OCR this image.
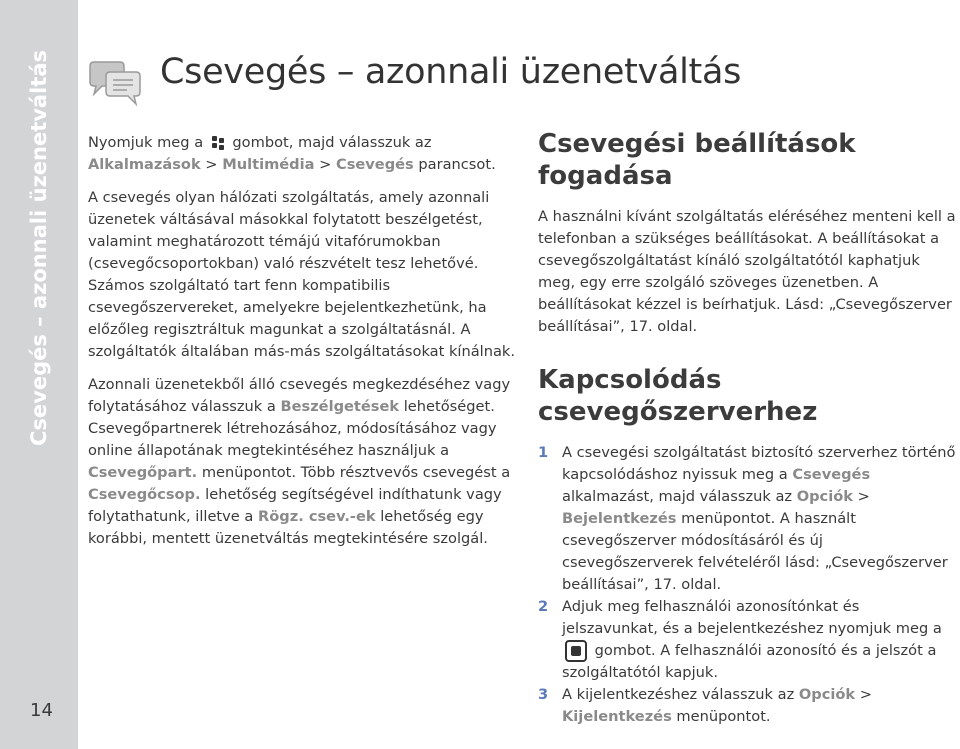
Csevegés – azonnali üzenetváltás
14
Csevegés – azonnali üzenetváltás

Nyomjuk meg a  gombot, majd válasszuk az Alkalmazások > Multimédia > Csevegés parancsot.

A csevegés olyan hálózati szolgáltatás, amely azonnali üzenetek váltásával másokkal folytatott beszélgetést, valamint meghatározott témájú vitafórumokban (csevegőcsoportokban) való részvételt tesz lehetővé. Számos szolgáltató tart fenn kompatibilis csevegőszervereket, amelyekre bejelentkezhetünk, ha előzőleg regisztráltuk magunkat a szolgáltatásnál. A szolgáltatók általában más-más szolgáltatásokat kínálnak.

Azonnali üzenetekből álló csevegés megkezdéséhez vagy folytatásához válasszuk a Beszélgetések lehetőséget. Csevegőpartnerek létrehozásához, módosításához vagy online állapotának megtekintéséhez használjuk a Csevegőpart. menüpontot. Több résztvevős csevegést a Csevegőcsop. lehetőség segítségével indíthatunk vagy folytathatunk, illetve a Rögz. csev.-ek lehetőség egy korábbi, mentett üzenetváltás megtekintésére szolgál.

Csevegési beállítások fogadása

A használni kívánt szolgáltatás eléréséhez menteni kell a telefonban a szükséges beállításokat. A beállításokat a csevegőszolgáltatást kínáló szolgáltatótól kaphatjuk meg, egy erre szolgáló szöveges üzenetben. A beállításokat kézzel is beírhatjuk. Lásd: „Csevegőszerver beállításai”, 17. oldal.

Kapcsolódás csevegőszerverhez
1 A csevegési szolgáltatást biztosító szerverhez történő kapcsolódáshoz nyissuk meg a Csevegés alkalmazást, majd válasszuk az Opciók > Bejelentkezés menüpontot. A használt csevegőszerver módosításáról és új csevegőszerverek felvételéről lásd: „Csevegőszerver beállításai”, 17. oldal.
2 Adjuk meg felhasználói azonosítónkat és jelszavunkat, és a bejelentkezéshez nyomjuk meg a  gombot. A felhasználói azonosító és a jelszót a szolgáltatótól kapjuk.
3 A kijelentkezéshez válasszuk az Opciók > Kijelentkezés menüpontot.
